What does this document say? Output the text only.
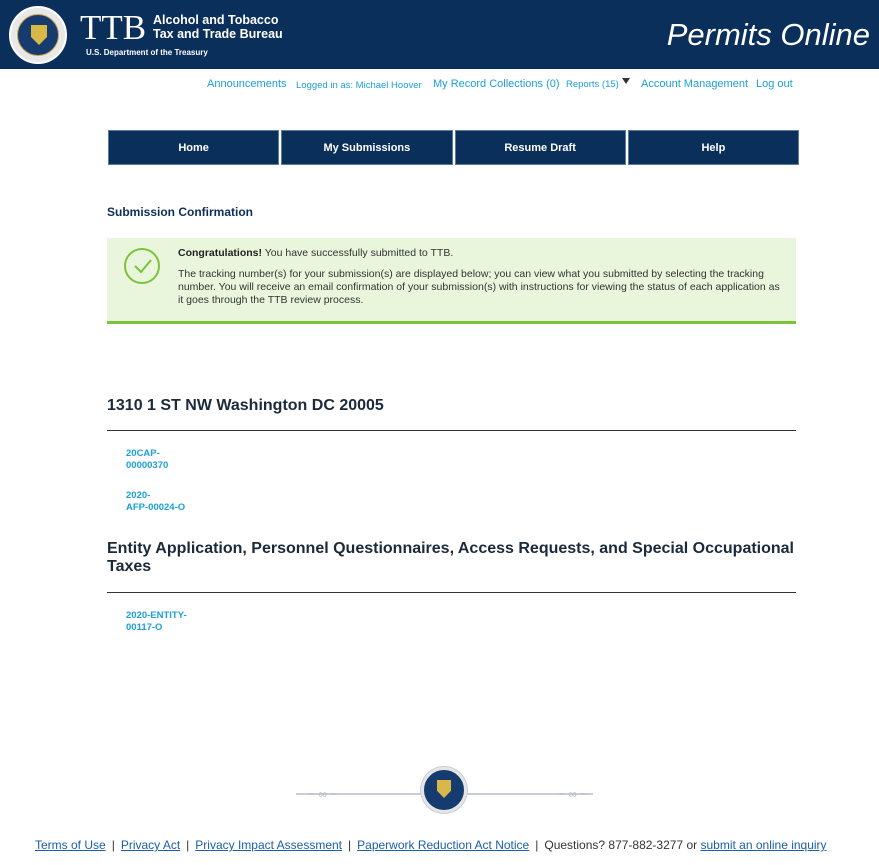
TTB Alcohol and Tobacco
Tax and Trade Bureau
U.S. Department of the Treasury
Permits Online
Announcements Logged in as: Michael Hoover My Record Collections (0) Reports (15) Account Management Log out
Home	My Submissions	Resume Draft	Help
Submission Confirmation
Congratulations! You have successfully submitted to TTB.
The tracking number(s) for your submission(s) are displayed below; you can view what you submitted by selecting the tracking number. You will receive an email confirmation of your submission(s) with instructions for viewing the status of each application as it goes through the TTB review process.
1310 1 ST NW Washington DC 20005
20CAP-
00000370
2020-
AFP-00024-O
Entity Application, Personnel Questionnaires, Access Requests, and Special Occupational Taxes
2020-ENTITY-
00117-O
~ ∞ ~	~ ∞ ~
Terms of Use | Privacy Act | Privacy Impact Assessment | Paperwork Reduction Act Notice | Questions? 877-882-3277 or submit an online inquiry
